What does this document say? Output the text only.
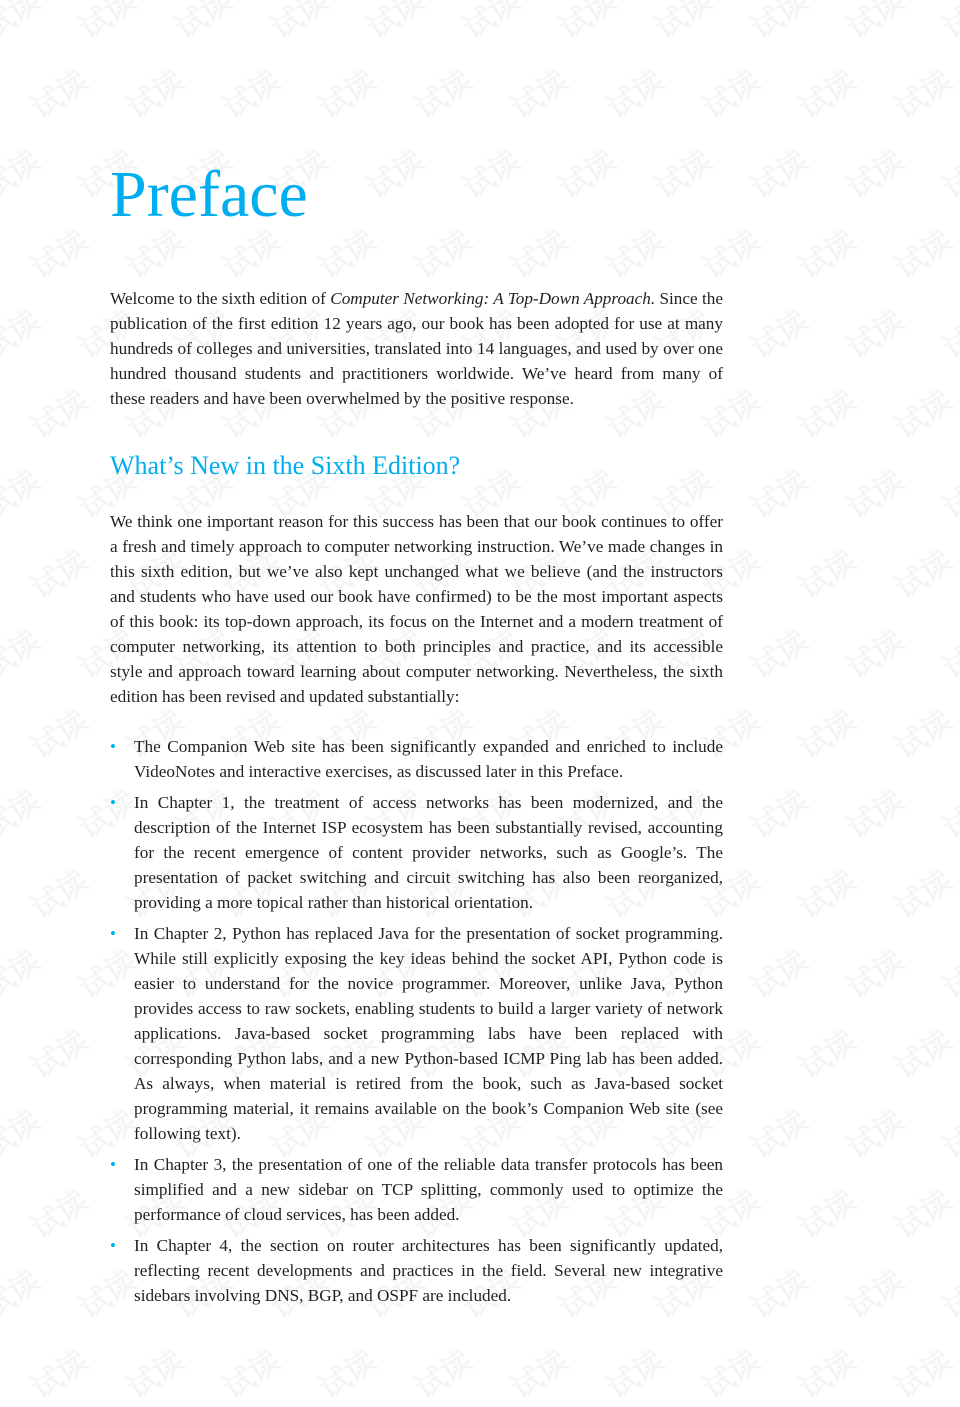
Preface

Welcome to the sixth edition of Computer Networking: A Top-Down Approach. Since the publication of the first edition 12 years ago, our book has been adopted for use at many hundreds of colleges and universities, translated into 14 languages, and used by over one hundred thousand students and practitioners worldwide. We’ve heard from many of these readers and have been overwhelmed by the positive response.

What’s New in the Sixth Edition?

We think one important reason for this success has been that our book continues to offer a fresh and timely approach to computer networking instruction. We’ve made changes in this sixth edition, but we’ve also kept unchanged what we believe (and the instructors and students who have used our book have confirmed) to be the most important aspects of this book: its top-down approach, its focus on the Internet and a modern treatment of computer networking, its attention to both principles and practice, and its accessible style and approach toward learning about computer networking. Nevertheless, the sixth edition has been revised and updated substantially:

• The Companion Web site has been significantly expanded and enriched to include VideoNotes and interactive exercises, as discussed later in this Preface.

• In Chapter 1, the treatment of access networks has been modernized, and the description of the Internet ISP ecosystem has been substantially revised, accounting for the recent emergence of content provider networks, such as Google’s. The presentation of packet switching and circuit switching has also been reorganized, providing a more topical rather than historical orientation.

• In Chapter 2, Python has replaced Java for the presentation of socket programming. While still explicitly exposing the key ideas behind the socket API, Python code is easier to understand for the novice programmer. Moreover, unlike Java, Python provides access to raw sockets, enabling students to build a larger variety of network applications. Java-based socket programming labs have been replaced with corresponding Python labs, and a new Python-based ICMP Ping lab has been added. As always, when material is retired from the book, such as Java-based socket programming material, it remains available on the book’s Companion Web site (see following text).

• In Chapter 3, the presentation of one of the reliable data transfer protocols has been simplified and a new sidebar on TCP splitting, commonly used to optimize the performance of cloud services, has been added.

• In Chapter 4, the section on router architectures has been significantly updated, reflecting recent developments and practices in the field. Several new integrative sidebars involving DNS, BGP, and OSPF are included.
